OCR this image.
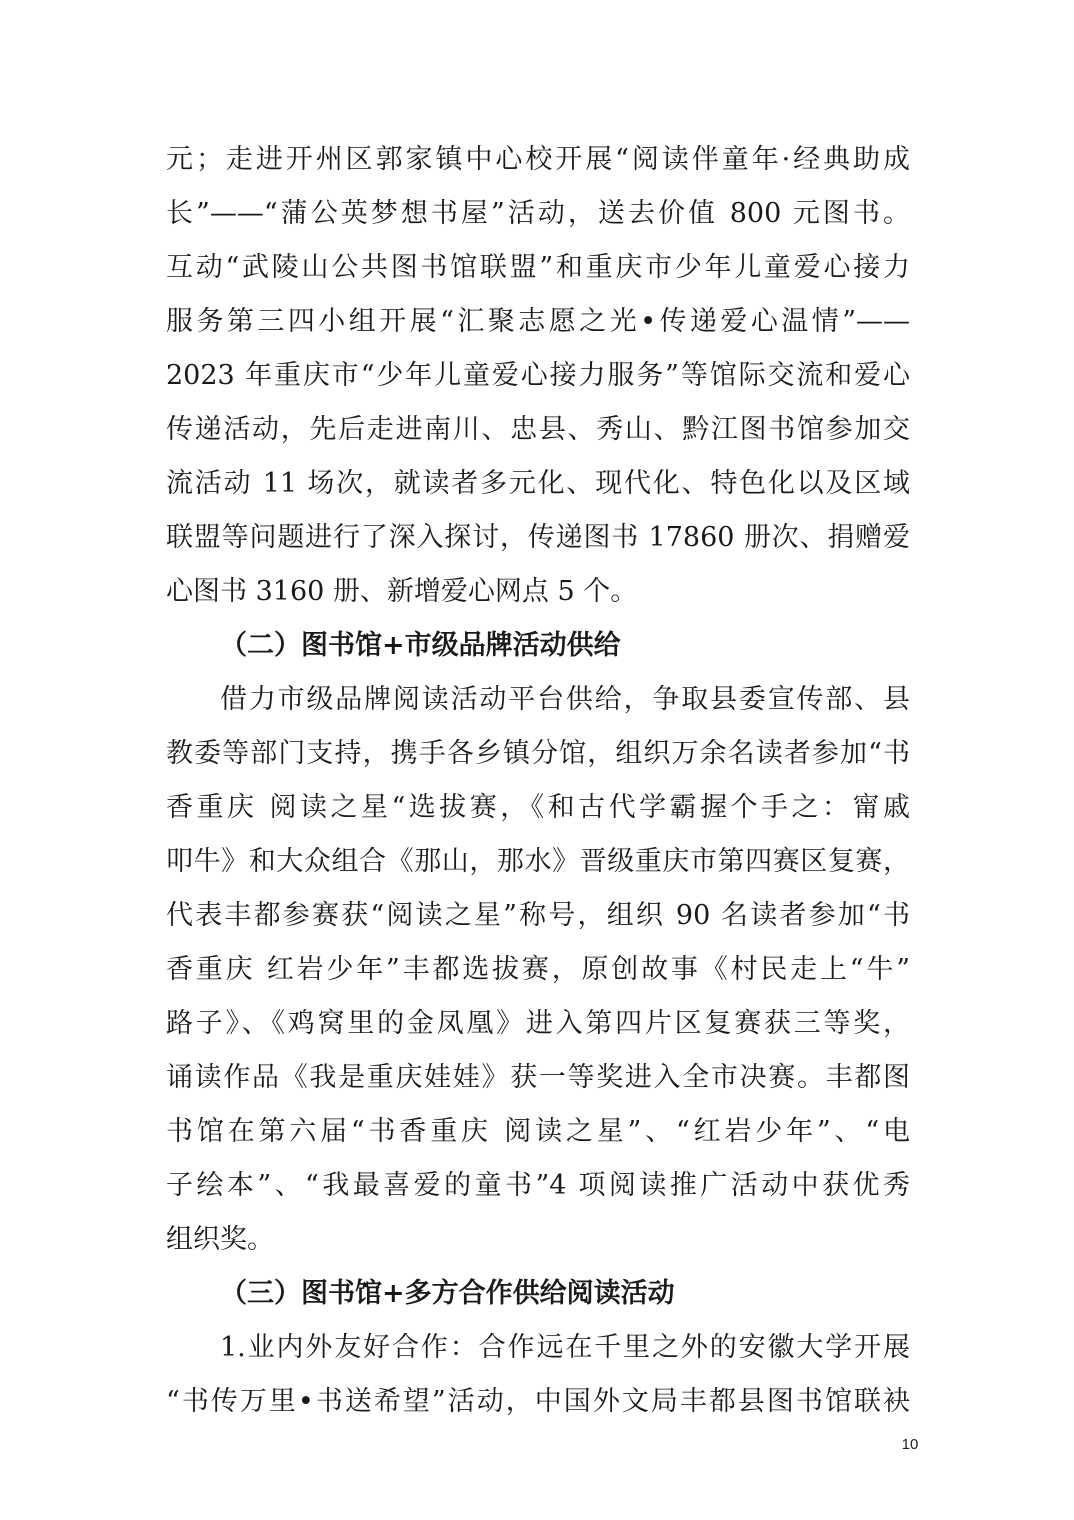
元；走进开州区郭家镇中心校开展“阅读伴童年·经典助成
长”——“蒲公英梦想书屋”活动，送去价值 800 元图书。
互动“武陵山公共图书馆联盟”和重庆市少年儿童爱心接力
服务第三四小组开展“汇聚志愿之光•传递爱心温情”——
2023 年重庆市“少年儿童爱心接力服务”等馆际交流和爱心
传递活动，先后走进南川、忠县、秀山、黔江图书馆参加交
流活动 11 场次，就读者多元化、现代化、特色化以及区域
联盟等问题进行了深入探讨，传递图书 17860 册次、捐赠爱
心图书 3160 册、新增爱心网点 5 个。
（二）图书馆+市级品牌活动供给
借力市级品牌阅读活动平台供给，争取县委宣传部、县
教委等部门支持，携手各乡镇分馆，组织万余名读者参加“书
香重庆 阅读之星“选拔赛，《和古代学霸握个手之：甯戚
叩牛》和大众组合《那山，那水》晋级重庆市第四赛区复赛，
代表丰都参赛获“阅读之星”称号，组织 90 名读者参加“书
香重庆 红岩少年”丰都选拔赛，原创故事《村民走上“牛”
路子》、《鸡窝里的金凤凰》进入第四片区复赛获三等奖，
诵读作品《我是重庆娃娃》获一等奖进入全市决赛。丰都图
书馆在第六届“书香重庆 阅读之星”、“红岩少年”、“电
子绘本”、“我最喜爱的童书”4 项阅读推广活动中获优秀
组织奖。
（三）图书馆+多方合作供给阅读活动
1.业内外友好合作：合作远在千里之外的安徽大学开展
“书传万里•书送希望”活动，中国外文局丰都县图书馆联袂
10
